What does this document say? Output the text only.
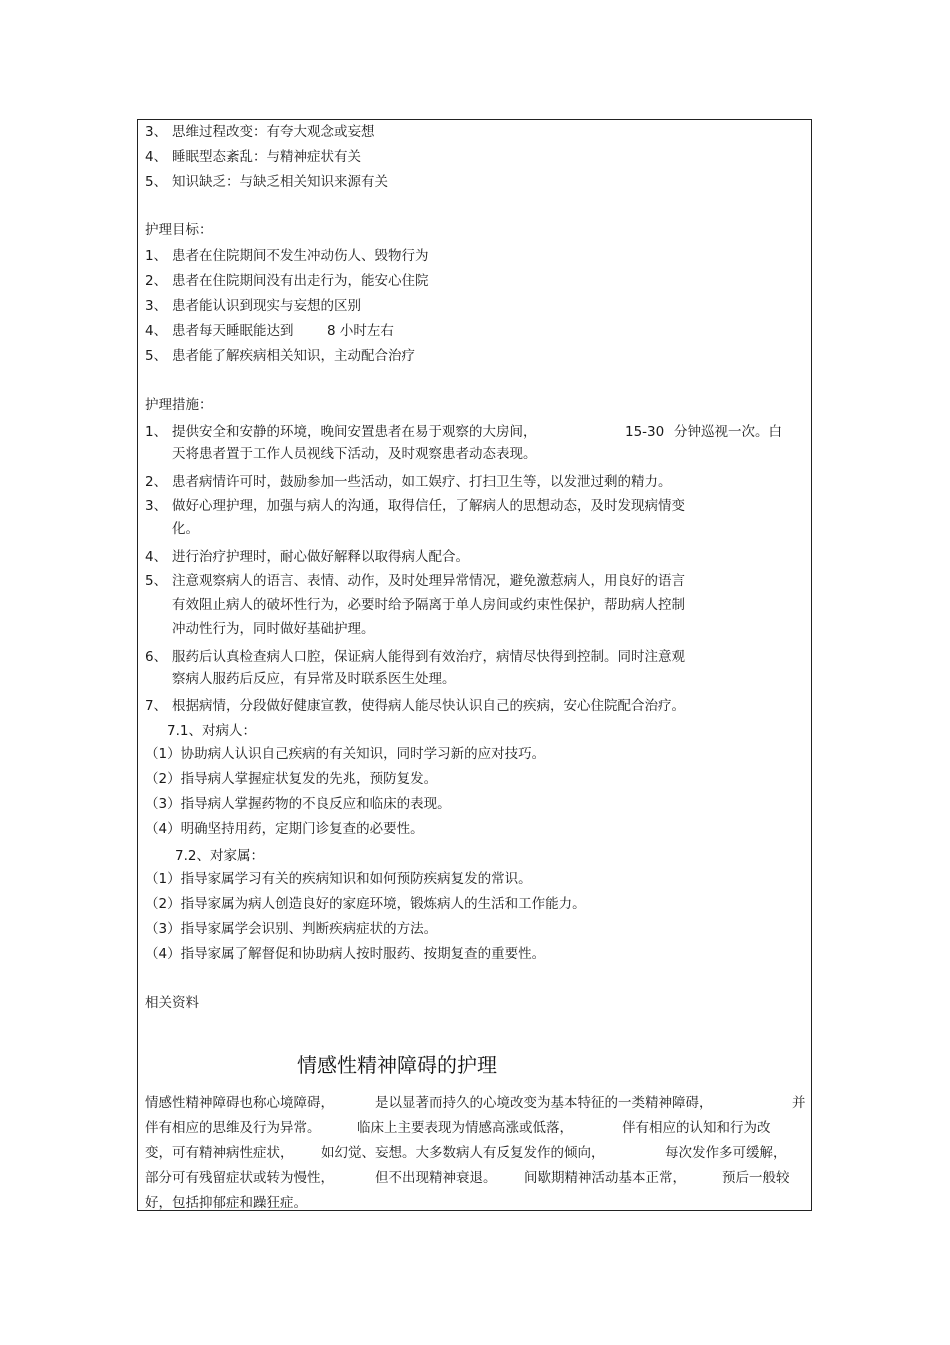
3、 思维过程改变：有夸大观念或妄想
4、 睡眠型态紊乱：与精神症状有关
5、 知识缺乏：与缺乏相关知识来源有关
护理目标：
1、 患者在住院期间不发生冲动伤人、毁物行为
2、 患者在住院期间没有出走行为，能安心住院
3、 患者能认识到现实与妄想的区别
4、 患者每天睡眠能达到 8 小时左右
5、 患者能了解疾病相关知识，主动配合治疗
护理措施：
1、 提供安全和安静的环境，晚间安置患者在易于观察的大房间，	15-30 分钟巡视一次。白
天将患者置于工作人员视线下活动，及时观察患者动态表现。
2、 患者病情许可时，鼓励参加一些活动，如工娱疗、打扫卫生等，以发泄过剩的精力。
3、 做好心理护理，加强与病人的沟通，取得信任，了解病人的思想动态，及时发现病情变
化。
4、 进行治疗护理时，耐心做好解释以取得病人配合。
5、 注意观察病人的语言、表情、动作，及时处理异常情况，避免激惹病人，用良好的语言
有效阻止病人的破坏性行为，必要时给予隔离于单人房间或约束性保护，帮助病人控制
冲动性行为，同时做好基础护理。
6、 服药后认真检查病人口腔，保证病人能得到有效治疗，病情尽快得到控制。同时注意观
察病人服药后反应，有异常及时联系医生处理。
7、 根据病情，分段做好健康宣教，使得病人能尽快认识自己的疾病，安心住院配合治疗。
7.1、对病人：
（1）协助病人认识自己疾病的有关知识，同时学习新的应对技巧。
（2）指导病人掌握症状复发的先兆，预防复发。
（3）指导病人掌握药物的不良反应和临床的表现。
（4）明确坚持用药，定期门诊复查的必要性。
7.2、对家属：
（1）指导家属学习有关的疾病知识和如何预防疾病复发的常识。
（2）指导家属为病人创造良好的家庭环境，锻炼病人的生活和工作能力。
（3）指导家属学会识别、判断疾病症状的方法。
（4）指导家属了解督促和协助病人按时服药、按期复查的重要性。
相关资料
情感性精神障碍的护理
情感性精神障碍也称心境障碍，	是以显著而持久的心境改变为基本特征的一类精神障碍，	并
伴有相应的思维及行为异常。	临床上主要表现为情感高涨或低落，	伴有相应的认知和行为改
变，可有精神病性症状， 如幻觉、妄想。大多数病人有反复发作的倾向，	每次发作多可缓解，
部分可有残留症状或转为慢性，	但不出现精神衰退。 间歇期精神活动基本正常，	预后一般较
好，包括抑郁症和躁狂症。
